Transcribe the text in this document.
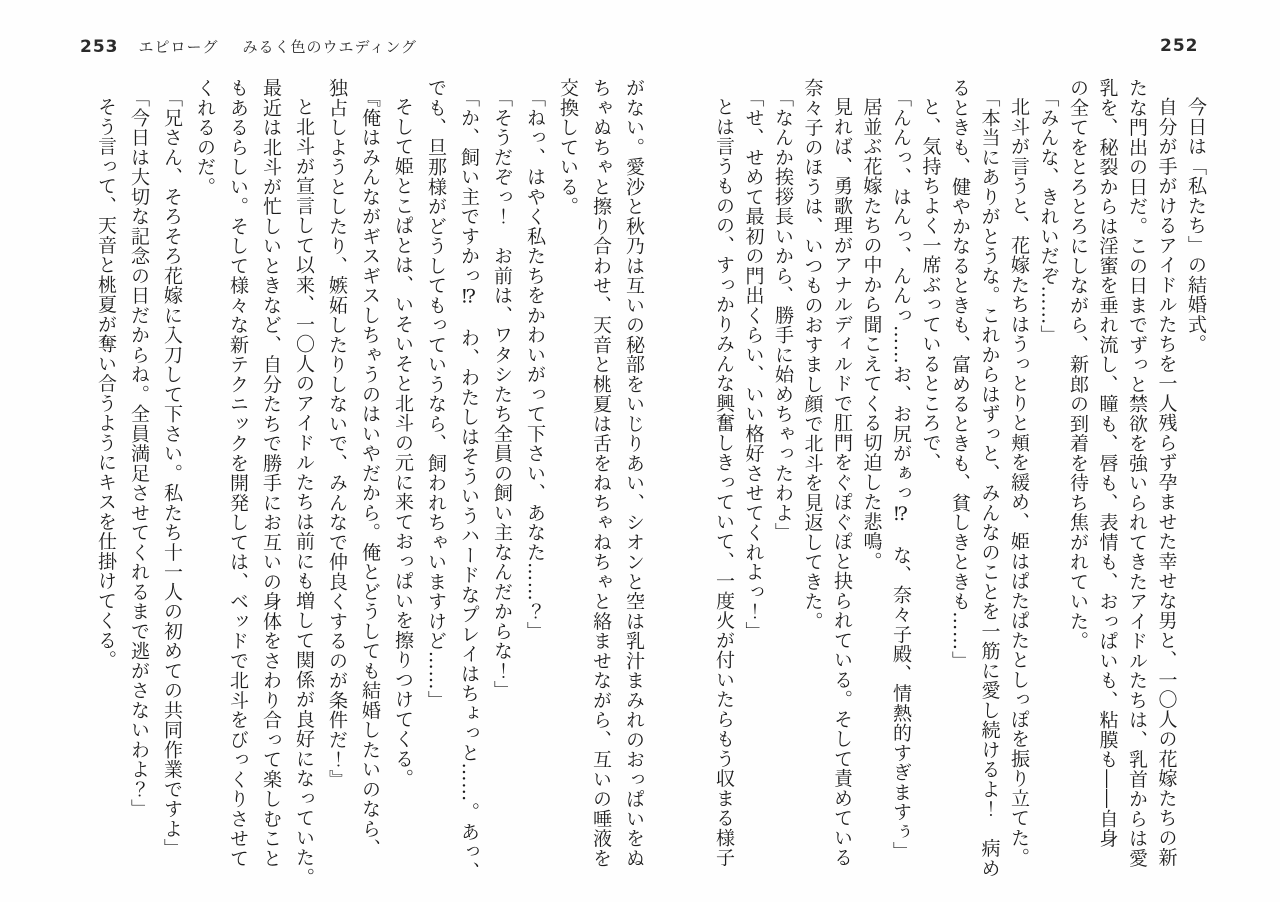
253 エピローグ みるく色のウエディング	252
今日は「私たち」の結婚式。
自分が手がけるアイドルたちを一人残らず孕ませた幸せな男と、一〇人の花嫁たちの新
たな門出の日だ。この日までずっと禁欲を強いられてきたアイドルたちは、乳首からは愛
乳を、秘裂からは淫蜜を垂れ流し、瞳も、唇も、表情も、おっぱいも、粘膜も――自身
の全てをとろとろにしながら、新郎の到着を待ち焦がれていた。
「みんな、きれいだぞ……」
北斗が言うと、花嫁たちはうっとりと頬を緩め、姫はぱたぱたとしっぽを振り立てた。
「本当にありがとうな。これからはずっと、みんなのことを一筋に愛し続けるよ！　病め
るときも、健やかなるときも、富めるときも、貧しきときも……」
と、気持ちよく一席ぶっているところで、
「んんっ、はんっ、んんっ……お、お尻がぁっ⁉　な、奈々子殿、情熱的すぎますぅ」
居並ぶ花嫁たちの中から聞こえてくる切迫した悲鳴。
見れば、勇歌理がアナルディルドで肛門をぐぽぐぽと抉られている。そして責めている
奈々子のほうは、いつものおすまし顔で北斗を見返してきた。
「なんか挨拶長いから、勝手に始めちゃったわよ」
「せ、せめて最初の門出くらい、いい格好させてくれよっ！」
とは言うものの、すっかりみんな興奮しきっていて、一度火が付いたらもう収まる様子
がない。愛沙と秋乃は互いの秘部をいじりあい、シオンと空は乳汁まみれのおっぱいをぬ
ちゃぬちゃと擦り合わせ、天音と桃夏は舌をねちゃねちゃと絡ませながら、互いの唾液を
交換している。
「ねっ、はやく私たちをかわいがって下さい、あなた……？」
「そうだぞっ！　お前は、ワタシたち全員の飼い主なんだからな！」
「か、飼い主ですかっ⁉　わ、わたしはそういうハードなプレイはちょっと……。あっ、
でも、旦那様がどうしてもっていうなら、飼われちゃいますけど……」
そして姫とこぱとは、いそいそと北斗の元に来ておっぱいを擦りつけてくる。
『俺はみんながギスギスしちゃうのはいやだから。俺とどうしても結婚したいのなら、
独占しようとしたり、嫉妬したりしないで、みんなで仲良くするのが条件だ！』
と北斗が宣言して以来、一〇人のアイドルたちは前にも増して関係が良好になっていた。
最近は北斗が忙しいときなど、自分たちで勝手にお互いの身体をさわり合って楽しむこと
もあるらしい。そして様々な新テクニックを開発しては、ベッドで北斗をびっくりさせて
くれるのだ。
「兄さん、そろそろ花嫁に入刀して下さい。私たち十一人の初めての共同作業ですよ」
「今日は大切な記念の日だからね。全員満足させてくれるまで逃がさないわよ？」
そう言って、天音と桃夏が奪い合うようにキスを仕掛けてくる。
